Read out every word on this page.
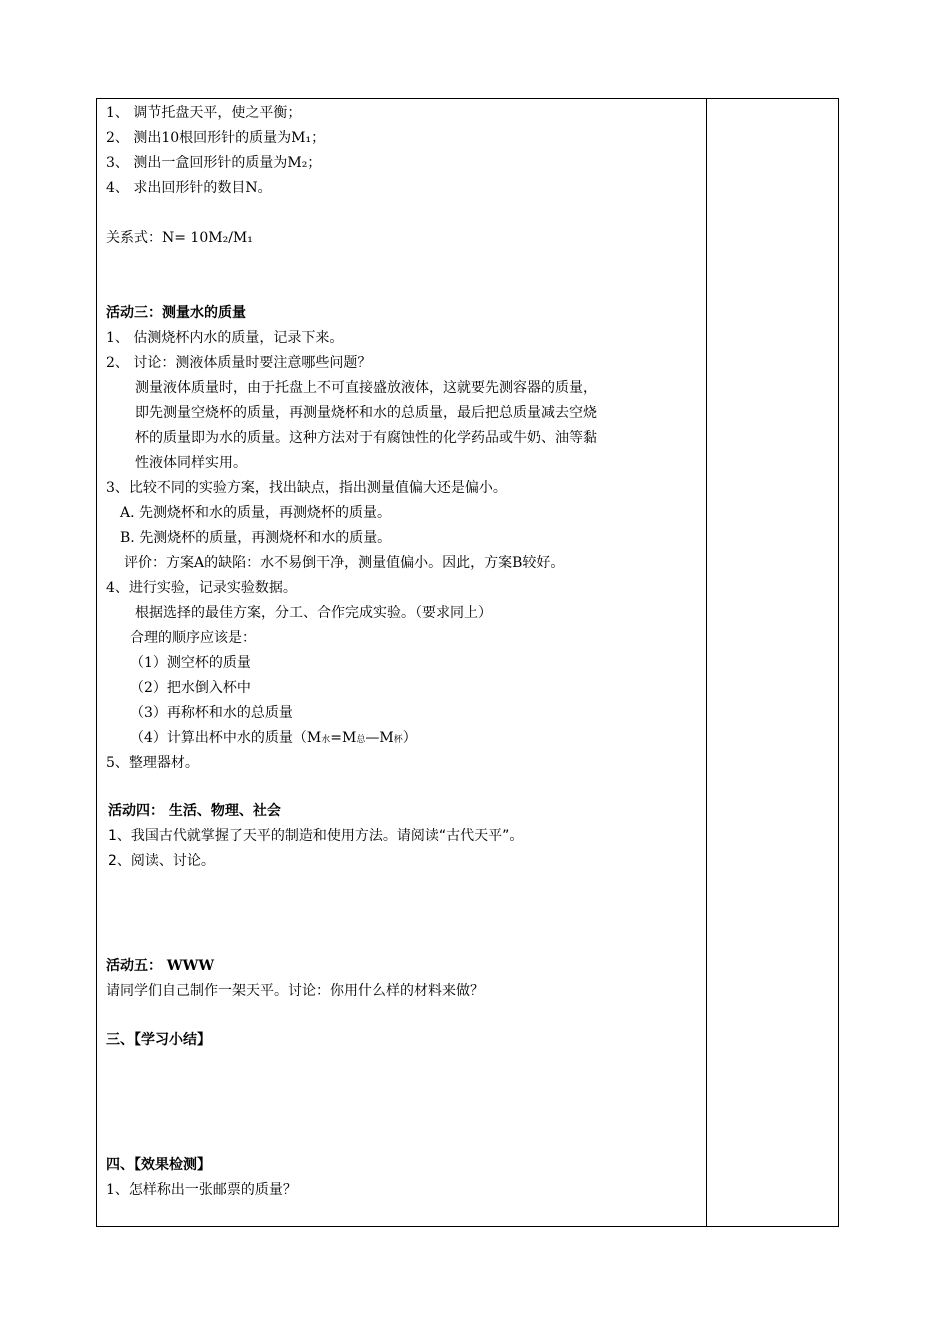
1、 调节托盘天平，使之平衡；
2、 测出10根回形针的质量为M₁；
3、 测出一盒回形针的质量为M₂；
4、 求出回形针的数目N。
关系式：N= 10M₂/M₁
活动三：测量水的质量
1、 估测烧杯内水的质量，记录下来。
2、 讨论：测液体质量时要注意哪些问题？
测量液体质量时，由于托盘上不可直接盛放液体，这就要先测容器的质量，
即先测量空烧杯的质量，再测量烧杯和水的总质量，最后把总质量减去空烧
杯的质量即为水的质量。这种方法对于有腐蚀性的化学药品或牛奶、油等黏
性液体同样实用。
3、比较不同的实验方案，找出缺点，指出测量值偏大还是偏小。
A. 先测烧杯和水的质量，再测烧杯的质量。
B. 先测烧杯的质量，再测烧杯和水的质量。
评价：方案A的缺陷：水不易倒干净，测量值偏小。因此，方案B较好。
4、进行实验，记录实验数据。
根据选择的最佳方案，分工、合作完成实验。（要求同上）
合理的顺序应该是：
（1）测空杯的质量
（2）把水倒入杯中
（3）再称杯和水的总质量
（4）计算出杯中水的质量（M水=M总—M杯）
5、整理器材。
活动四： 生活、物理、社会
1、我国古代就掌握了天平的制造和使用方法。请阅读“古代天平”。
2、阅读、讨论。
活动五： WWW
请同学们自己制作一架天平。讨论：你用什么样的材料来做？
三、【学习小结】
四、【效果检测】
1、怎样称出一张邮票的质量？
